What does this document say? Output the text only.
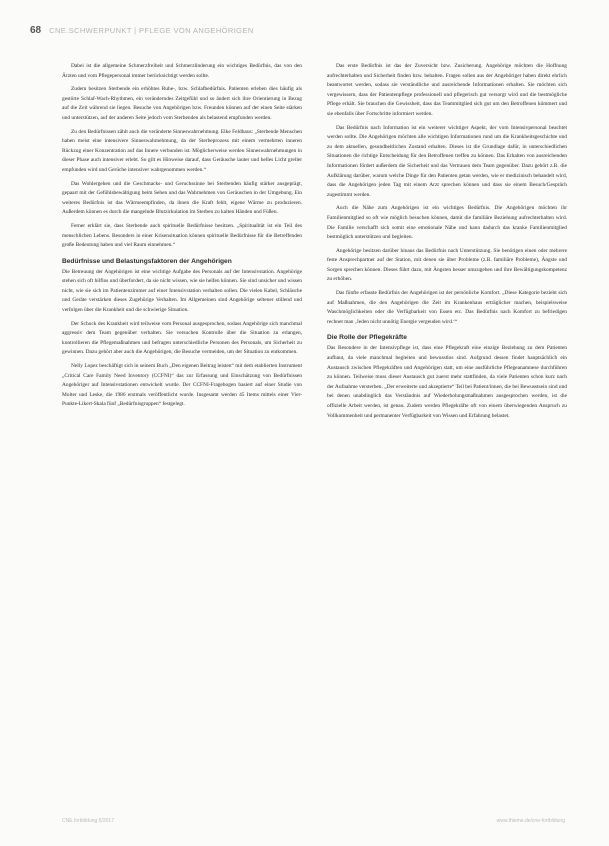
68 CNE.SCHWERPUNKT | PFLEGE VON ANGEHÖRIGEN

Dabei ist die allgemeine Schmerzfreiheit und Schmerzlinderung ein wichtiges Bedürfnis, das von den Ärzten und vom Pflegepersonal immer berücksichtigt werden sollte.

Zudem besitzen Sterbende ein erhöhtes Ruhe-, bzw. Schlafbedürfnis. Patienten erleben dies häufig als gestörte Schlaf-Wach-Rhythmen, ein veränderndes Zeitgefühl und so ändert sich ihre Orientierung in Bezug auf die Zeit während sie liegen. Besuche von Angehörigen bzw. Freunden können auf der einen Seite stärken und unterstützen, auf der anderen Seite jedoch vom Sterbenden als belastend empfunden werden.

Zu den Bedürfnissen zählt auch die veränderte Sinneswahrnehmung. Elke Feldhaus: „Sterbende Menschen haben meist eine intensivere Sinneswahrnehmung, da der Sterbeprozess mit einem vermehrten inneren Rückzug einer Konzentration auf das Innere verbunden ist. Möglicherweise werden Sinneswahrnehmungen in dieser Phase auch intensiver erlebt. So gilt es Hinweise darauf, dass Geräusche lauter und helles Licht greller empfunden wird und Gerüche intensiver wahrgenommen werden.“

Das Wohlergehen und die Geschmacks- und Geruchssinne bei Sterbenden häufig stärker ausgeprägt, gepaart mit der Gefühlsbewältigung beim Sehen und das Wahrnehmen von Geräuschen in der Umgebung. Ein weiteres Bedürfnis ist das Wärmeempfinden, da ihnen die Kraft fehlt, eigene Wärme zu produzieren. Außerdem können es durch die mangelnde Blutzirkulation im Sterben zu kalten Händen und Füßen.

Ferner erklärt sie, dass Sterbende auch spirituelle Bedürfnisse besitzen. „Spiritualität ist ein Teil des menschlichen Lebens. Besonders in einer Krisensituation können spirituelle Bedürfnisse für die Betreffenden große Bedeutung haben und viel Raum einnehmen.“

Bedürfnisse und Belastungsfaktoren der Angehörigen

Die Betreuung der Angehörigen ist eine wichtige Aufgabe des Personals auf der Intensivstation. Angehörige stehen sich oft hilflos und überfordert, da sie nicht wissen, wie sie helfen können. Sie sind unsicher und wissen nicht, wie sie sich im Patientenzimmer auf einer Intensivstation verhalten sollen. Die vielen Kabel, Schläuche und Geräte verstärken dieses Zugehörige Verhalten. Im Allgemeinen sind Angehörige seltener stillend und verfolgen über die Krankheit und die schwierige Situation.

Der Schock des Krankheit wird teilweise vom Personal ausgesprochen, sodass Angehörige sich manchmal aggressiv dem Team gegenüber verhalten. Sie versuchen Kontrolle über die Situation zu erlangen, kontrollieren die Pflegemaßnahmen und befragen unterschiedliche Personen des Personals, um Sicherheit zu gewinnen. Dazu gehört aber auch die Angehörigen, die Besuche vermeiden, um der Situation zu entkommen.

Nelly Lopez beschäftigt sich in seinem Buch „Den eigenen Beitrag leisten“ mit dem etablierten Instrument „Critical Care Family Need Inventory (CCFNI)“ das zur Erfassung und Einschätzung von Bedürfnissen Angehöriger auf Intensivstationen entwickelt wurde. Der CCFNI-Fragebogen basiert auf einer Studie von Molter und Leske, die 1986 erstmals veröffentlicht wurde. Insgesamt werden 45 Items mittels einer Vier-Punkte-Likert-Skala fünf „Bedürfnisgruppen“ festgelegt.

Das erste Bedürfnis ist das der Zuversicht bzw. Zusicherung. Angehörige möchten die Hoffnung aufrechterhalten und Sicherheit finden bzw. behalten. Fragen sollen aus der Angehöriger haben direkt ehrlich beantwortet werden, sodass sie verständliche und ausreichende Informationen erhalten. Sie möchten sich vergewissern, dass der Patientenpflege professionell und pflegerisch gut versorgt wird und die bestmögliche Pflege erhält. Sie brauchen die Gewissheit, dass das Teammitglied sich gut um den Betroffenen kümmert und sie ebenfalls über Fortschritte informiert werden.

Das Bedürfnis nach Information ist ein weiterer wichtiger Aspekt, der vom Intensivpersonal beachtet werden sollte. Die Angehörigen möchten alle wichtigen Informationen rund um die Krankheitsgeschichte und zu dem aktuellen, gesundheitlichen Zustand erhalten. Dieses ist die Grundlage dafür, in unterschiedlichen Situationen die richtige Entscheidung für den Betroffenen treffen zu können. Das Erhalten von ausreichenden Informationen fördert außerdem die Sicherheit und das Vertrauen dem Team gegenüber. Dazu gehört z.B. die Aufklärung darüber, warum welche Dinge für den Patienten getan werden, wie er medizinisch behandelt wird, dass die Angehörigen jeden Tag mit einem Arzt sprechen können und dass sie einem Besuch/Gespräch zugestimmt werden.

Auch die Nähe zum Angehörigen ist ein wichtiges Bedürfnis. Die Angehörigen möchten ihr Familienmitglied so oft wie möglich besuchen können, damit die familiäre Beziehung aufrechterhalten wird. Die Familie verschafft sich somit eine emotionale Nähe und kann dadurch das kranke Familienmitglied bestmöglich unterstützen und begleiten.

Angehörige besitzen darüber hinaus das Bedürfnis nach Unterstützung. Sie benötigen einen oder mehrere feste Ansprechpartner auf der Station, mit denen sie über Probleme (z.B. familiäre Probleme), Ängste und Sorgen sprechen können. Dieses führt dazu, mit Ängsten besser umzugehen und ihre Bewältigungskompetenz zu erhöhen.

Das fünfte erfasste Bedürfnis der Angehörigen ist der persönliche Komfort. „Diese Kategorie bezieht sich auf Maßnahmen, die den Angehörigen die Zeit im Krankenhaus erträglicher machen, beispielsweise Waschmöglichkeiten oder die Verfügbarkeit von Essen etc. Das Bedürfnis nach Komfort zu befriedigen rechnet man ‚Jeden nicht unnötig Energie vergeuden wird.‘“

Die Rolle der Pflegekräfte

Das Besondere in der Intensivpflege ist, dass eine Pflegekraft eine einzige Beziehung zu dem Patienten aufbaut, da viele manchmal begleiten und bewusstlos sind. Aufgrund dessen findet hauptsächlich ein Austausch zwischen Pflegekräften und Angehörigen statt, um eine ausführliche Pflegeanamnese durchführen zu können. Teilweise muss dieser Austausch gut zuerst mehr stattfinden, da viele Patienten schon kurz nach der Aufnahme versterben. „Der erweiterte und akzeptierte“ Teil bei Patient/innen, die bei Bewusstsein sind und bei denen unabdinglich das Verständnis auf Wiederholungsmaßnahmen ausgesprochen werden, ist die offizielle Arbeit werden, ist genau. Zudem werden Pflegekräfte oft von einem überwiegenden Anspruch zu Vollkommenheit und permanenter Verfügbarkeit von Wissen und Erfahrung belastet.

CNE.fortbildung 5/2017	www.thieme.de/cne-fortbildung
